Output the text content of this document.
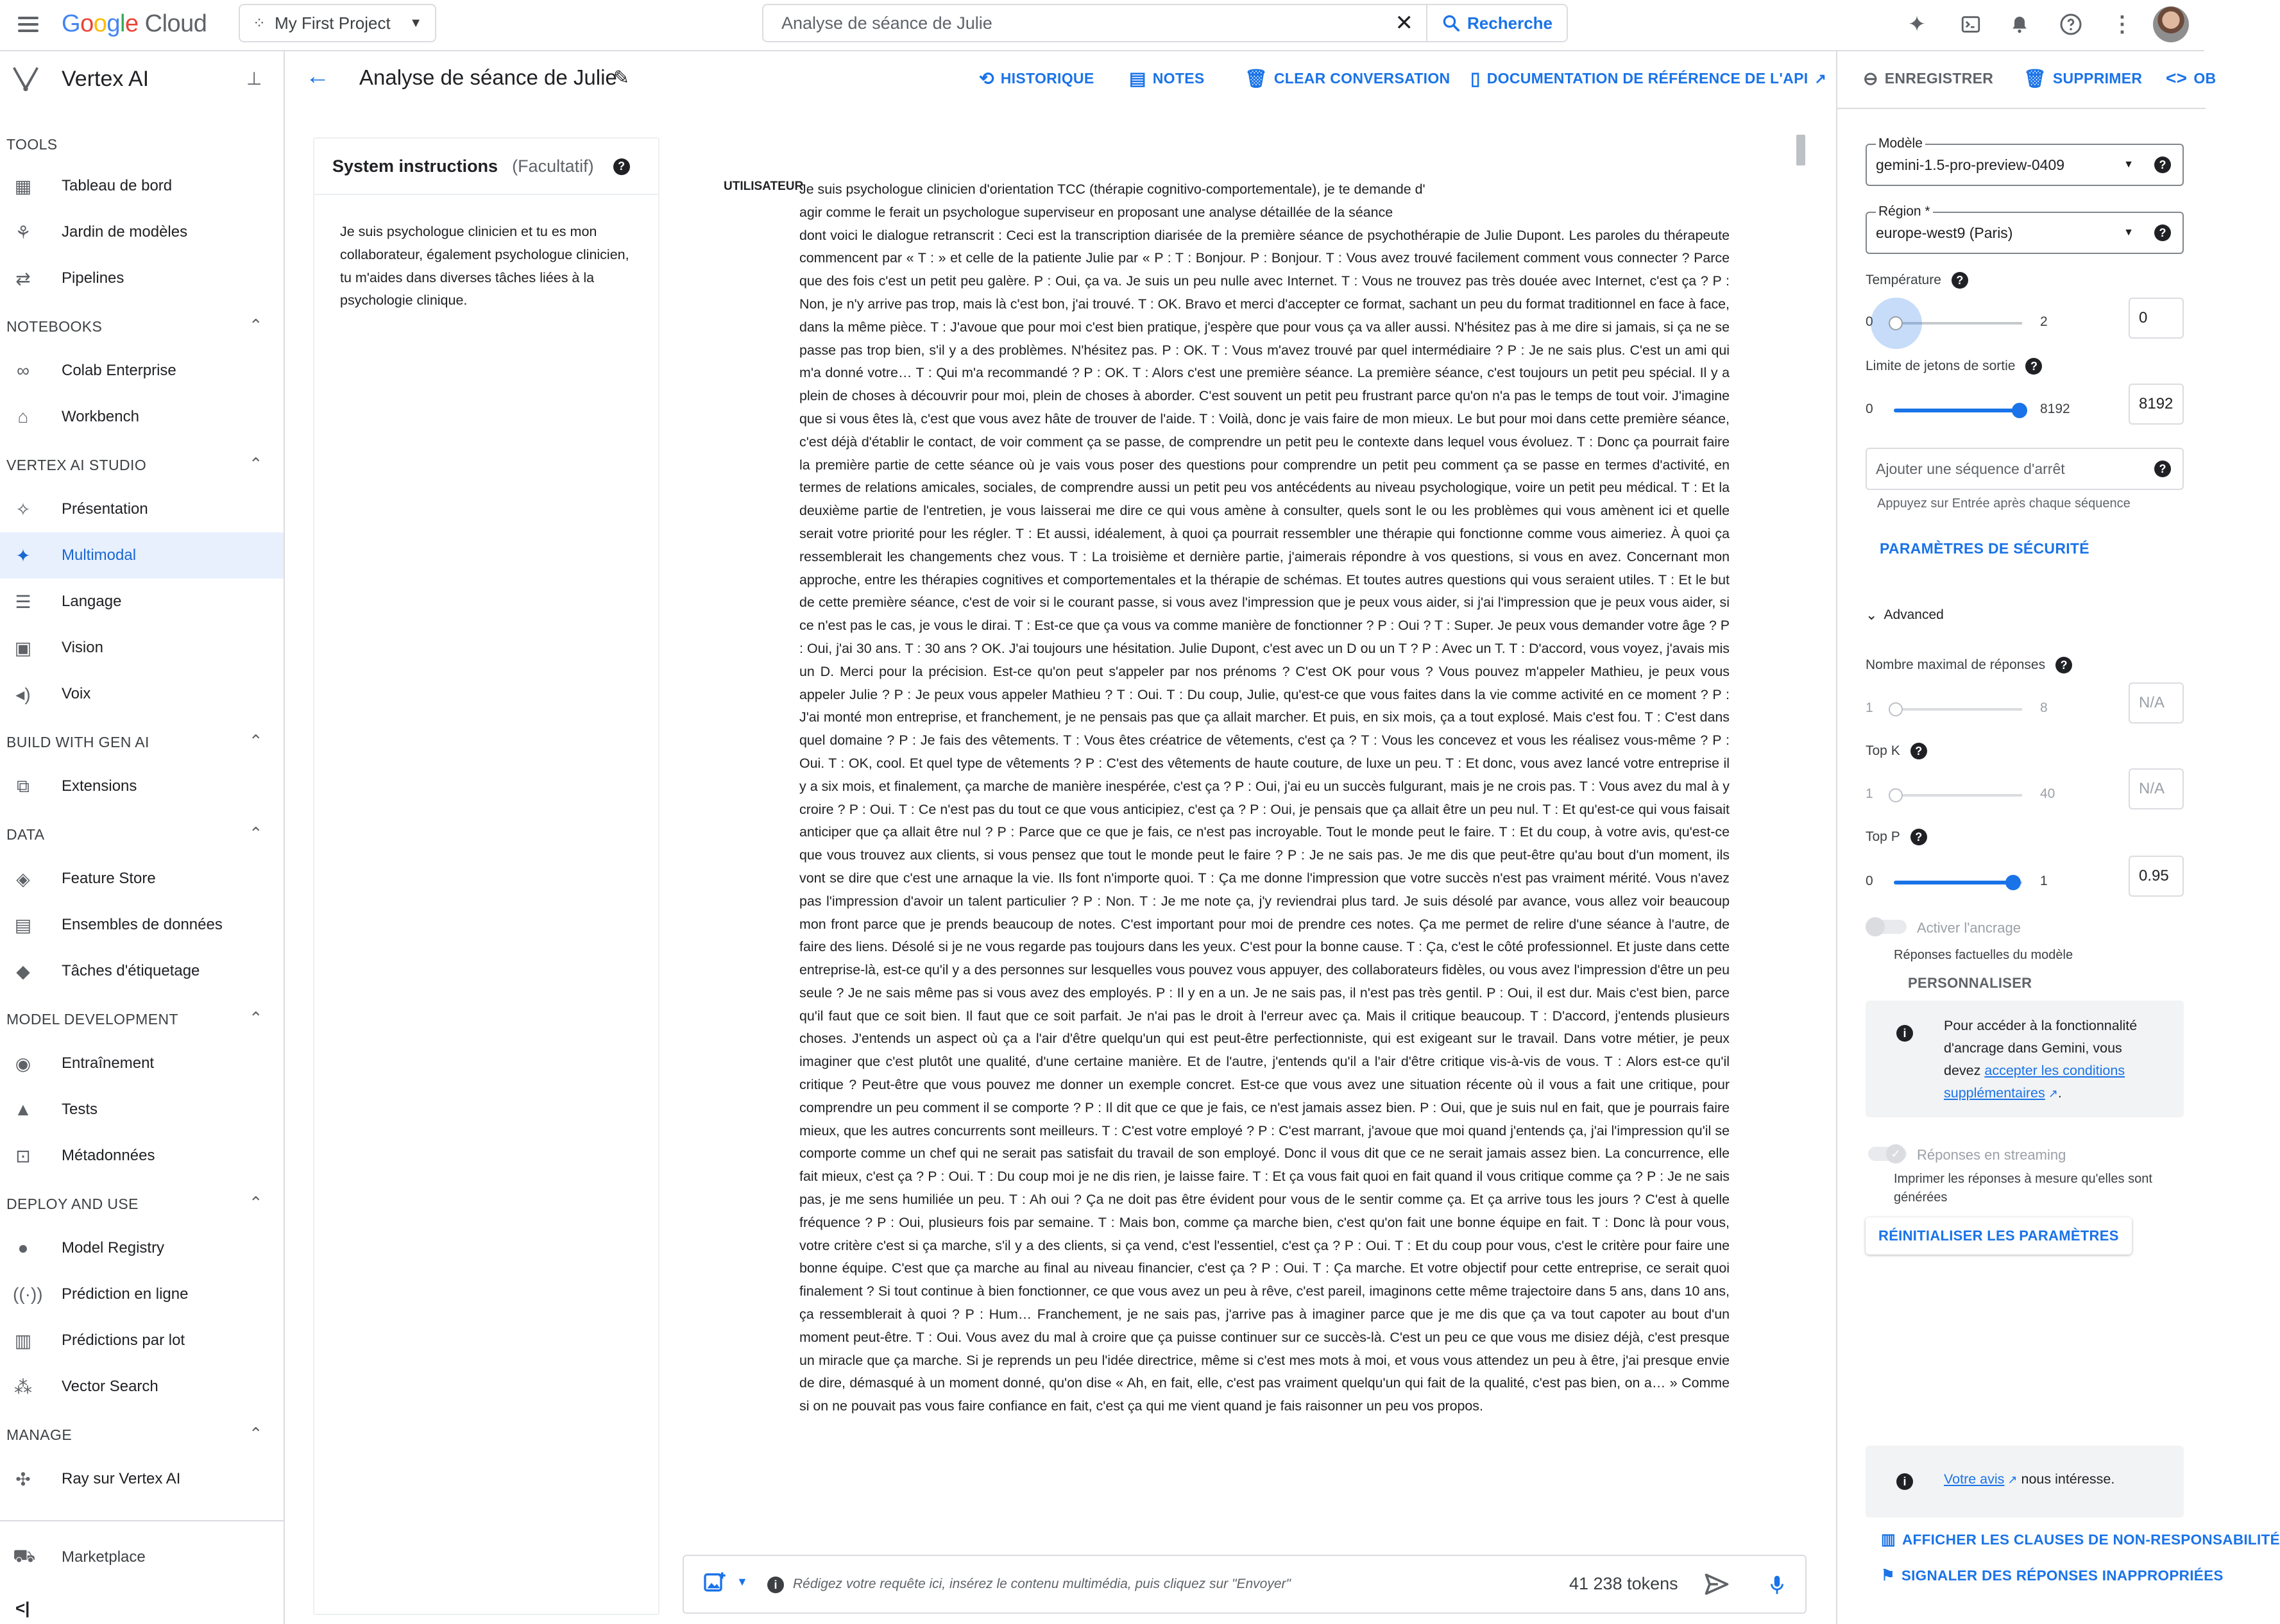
Google Cloud	⁘ My First Project ▼	Analyse de séance de Julie	✕	Recherche	✦	⋮
Vertex AI	⊥
TOOLS
▦ Tableau de bord
⚘ Jardin de modèles
⇄ Pipelines
NOTEBOOKS	⌃
∞ Colab Enterprise
⌂	Workbench
VERTEX AI STUDIO	⌃
✧ Présentation
✦ Multimodal
☰ Langage
▣ Vision
◂) Voix
BUILD WITH GEN AI	⌃
⧉ Extensions
DATA	⌃
◈ Feature Store
▤ Ensembles de données
◆ Tâches d'étiquetage
MODEL DEVELOPMENT	⌃
◉ Entraînement
▲ Tests
⊡ Métadonnées
DEPLOY AND USE	⌃
●	Model Registry
((·)) Prédiction en ligne
▥ Prédictions par lot
⁂ Vector Search
MANAGE	⌃
✣ Ray sur Vertex AI
⛟ Marketplace
<|
← Analyse de séance de Julie
✎	⟲ HISTORIQUE ▤ NOTES 🗑 CLEAR CONVERSATION ▯ DOCUMENTATION DE RÉFÉRENCE DE L'API ↗
System instructions (Facultatif)	?
Je suis psychologue clinicien et tu es mon collaborateur, également psychologue clinicien, tu m'aides dans diverses tâches liées à la psychologie clinique.
UTILISATEUR
Je suis psychologue clinicien d'orientation TCC (thérapie cognitivo-comportementale), je te demande d'
agir comme le ferait un psychologue superviseur en proposant une analyse détaillée de la séance
dont voici le dialogue retranscrit : Ceci est la transcription diarisée de la première séance de psychothérapie de Julie Dupont. Les paroles du thérapeute commencent par « T : » et celle de la patiente Julie par « P : T : Bonjour. P : Bonjour. T : Vous avez trouvé facilement comment vous connecter ? Parce que des fois c'est un petit peu galère. P : Oui, ça va. Je suis un peu nulle avec Internet. T : Vous ne trouvez pas très douée avec Internet, c'est ça ? P : Non, je n'y arrive pas trop, mais là c'est bon, j'ai trouvé. T : OK. Bravo et merci d'accepter ce format, sachant un peu du format traditionnel en face à face, dans la même pièce. T : J'avoue que pour moi c'est bien pratique, j'espère que pour vous ça va aller aussi. N'hésitez pas à me dire si jamais, si ça ne se passe pas trop bien, s'il y a des problèmes. N'hésitez pas. P : OK. T : Vous m'avez trouvé par quel intermédiaire ? P : Je ne sais plus. C'est un ami qui m'a donné votre… T : Qui m'a recommandé ? P : OK. T : Alors c'est une première séance. La première séance, c'est toujours un petit peu spécial. Il y a plein de choses à découvrir pour moi, plein de choses à aborder. C'est souvent un petit peu frustrant parce qu'on n'a pas le temps de tout voir. J'imagine que si vous êtes là, c'est que vous avez hâte de trouver de l'aide. T : Voilà, donc je vais faire de mon mieux. Le but pour moi dans cette première séance, c'est déjà d'établir le contact, de voir comment ça se passe, de comprendre un petit peu le contexte dans lequel vous évoluez. T : Donc ça pourrait faire la première partie de cette séance où je vais vous poser des questions pour comprendre un petit peu comment ça se passe en termes d'activité, en termes de relations amicales, sociales, de comprendre aussi un petit peu vos antécédents au niveau psychologique, voire un petit peu médical. T : Et la deuxième partie de l'entretien, je vous laisserai me dire ce qui vous amène à consulter, quels sont le ou les problèmes qui vous amènent ici et quelle serait votre priorité pour les régler. T : Et aussi, idéalement, à quoi ça pourrait ressembler une thérapie qui fonctionne comme vous aimeriez. À quoi ça ressemblerait les changements chez vous. T : La troisième et dernière partie, j'aimerais répondre à vos questions, si vous en avez. Concernant mon approche, entre les thérapies cognitives et comportementales et la thérapie de schémas. Et toutes autres questions qui vous seraient utiles. T : Et le but de cette première séance, c'est de voir si le courant passe, si vous avez l'impression que je peux vous aider, si j'ai l'impression que je peux vous aider, si ce n'est pas le cas, je vous le dirai. T : Est-ce que ça vous va comme manière de fonctionner ? P : Oui ? T : Super. Je peux vous demander votre âge ? P : Oui, j'ai 30 ans. T : 30 ans ? OK. J'ai toujours une hésitation. Julie Dupont, c'est avec un D ou un T ? P : Avec un T. T : D'accord, vous voyez, j'avais mis un D. Merci pour la précision. Est-ce qu'on peut s'appeler par nos prénoms ? C'est OK pour vous ? Vous pouvez m'appeler Mathieu, je peux vous appeler Julie ? P : Je peux vous appeler Mathieu ? T : Oui. T : Du coup, Julie, qu'est-ce que vous faites dans la vie comme activité en ce moment ? P : J'ai monté mon entreprise, et franchement, je ne pensais pas que ça allait marcher. Et puis, en six mois, ça a tout explosé. Mais c'est fou. T : C'est dans quel domaine ? P : Je fais des vêtements. T : Vous êtes créatrice de vêtements, c'est ça ? T : Vous les concevez et vous les réalisez vous-même ? P : Oui. T : OK, cool. Et quel type de vêtements ? P : C'est des vêtements de haute couture, de luxe un peu. T : Et donc, vous avez lancé votre entreprise il y a six mois, et finalement, ça marche de manière inespérée, c'est ça ? P : Oui, j'ai eu un succès fulgurant, mais je ne crois pas. T : Vous avez du mal à y croire ? P : Oui. T : Ce n'est pas du tout ce que vous anticipiez, c'est ça ? P : Oui, je pensais que ça allait être un peu nul. T : Et qu'est-ce qui vous faisait anticiper que ça allait être nul ? P : Parce que ce que je fais, ce n'est pas incroyable. Tout le monde peut le faire. T : Et du coup, à votre avis, qu'est-ce que vous trouvez aux clients, si vous pensez que tout le monde peut le faire ? P : Je ne sais pas. Je me dis que peut-être qu'au bout d'un moment, ils vont se dire que c'est une arnaque la vie. Ils font n'importe quoi. T : Ça me donne l'impression que votre succès n'est pas vraiment mérité. Vous n'avez pas l'impression d'avoir un talent particulier ? P : Non. T : Je me note ça, j'y reviendrai plus tard. Je suis désolé par avance, vous allez voir beaucoup mon front parce que je prends beaucoup de notes. C'est important pour moi de prendre ces notes. Ça me permet de relire d'une séance à l'autre, de faire des liens. Désolé si je ne vous regarde pas toujours dans les yeux. C'est pour la bonne cause. T : Ça, c'est le côté professionnel. Et juste dans cette entreprise-là, est-ce qu'il y a des personnes sur lesquelles vous pouvez vous appuyer, des collaborateurs fidèles, ou vous avez l'impression d'être un peu seule ? Je ne sais même pas si vous avez des employés. P : Il y en a un. Je ne sais pas, il n'est pas très gentil. P : Oui, il est dur. Mais c'est bien, parce qu'il faut que ce soit bien. Il faut que ce soit parfait. Je n'ai pas le droit à l'erreur avec ça. Mais il critique beaucoup. T : D'accord, j'entends plusieurs choses. J'entends un aspect où ça a l'air d'être quelqu'un qui est peut-être perfectionniste, qui est exigeant sur le travail. Dans votre métier, je peux imaginer que c'est plutôt une qualité, d'une certaine manière. Et de l'autre, j'entends qu'il a l'air d'être critique vis-à-vis de vous. T : Alors est-ce qu'il critique ? Peut-être que vous pouvez me donner un exemple concret. Est-ce que vous avez une situation récente où il vous a fait une critique, pour comprendre un peu comment il se comporte ? P : Il dit que ce que je fais, ce n'est jamais assez bien. P : Oui, que je suis nul en fait, que je pourrais faire mieux, que les autres concurrents sont meilleurs. T : C'est votre employé ? P : C'est marrant, j'avoue que moi quand j'entends ça, j'ai l'impression qu'il se comporte comme un chef qui ne serait pas satisfait du travail de son employé. Donc il vous dit que ce ne serait jamais assez bien. La concurrence, elle fait mieux, c'est ça ? P : Oui. T : Du coup moi je ne dis rien, je laisse faire. T : Et ça vous fait quoi en fait quand il vous critique comme ça ? P : Je ne sais pas, je me sens humiliée un peu. T : Ah oui ? Ça ne doit pas être évident pour vous de le sentir comme ça. Et ça arrive tous les jours ? C'est à quelle fréquence ? P : Oui, plusieurs fois par semaine. T : Mais bon, comme ça marche bien, c'est qu'on fait une bonne équipe en fait. T : Donc là pour vous, votre critère c'est si ça marche, s'il y a des clients, si ça vend, c'est l'essentiel, c'est ça ? P : Oui. T : Et du coup pour vous, c'est le critère pour faire une bonne équipe. C'est que ça marche au final au niveau financier, c'est ça ? P : Oui. T : Ça marche. Et votre objectif pour cette entreprise, ce serait quoi finalement ? Si tout continue à bien fonctionner, ce que vous avez un peu à rêve, c'est pareil, imaginons cette même trajectoire dans 5 ans, dans 10 ans, ça ressemblerait à quoi ? P : Hum… Franchement, je ne sais pas, j'arrive pas à imaginer parce que je me dis que ça va tout capoter au bout d'un moment peut-être. T : Oui. Vous avez du mal à croire que ça puisse continuer sur ce succès-là. C'est un peu ce que vous me disiez déjà, c'est presque un miracle que ça marche. Si je reprends un peu l'idée directrice, même si c'est mes mots à moi, et vous vous attendez un peu à être, j'ai presque envie de dire, démasqué à un moment donné, qu'on dise « Ah, en fait, elle, c'est pas vraiment quelqu'un qui fait de la qualité, c'est pas bien, on a… » Comme si on ne pouvait pas vous faire confiance en fait, c'est ça qui me vient quand je fais raisonner un peu vos propos.
▼	i	Rédigez votre requête ici, insérez le contenu multimédia, puis cliquez sur "Envoyer"	41 238 tokens
⊖ ENREGISTRER 🗑 SUPPRIMER <> OB
Modèle
gemini-1.5-pro-preview-0409	▼	?
Région *
europe-west9 (Paris)	▼	?
Température	?
0	2	0
Limite de jetons de sortie	?
0	8192	8192
Ajouter une séquence d'arrêt	?
Appuyez sur Entrée après chaque séquence
PARAMÈTRES DE SÉCURITÉ
⌄ Advanced
Nombre maximal de réponses	?
1	8	N/A
Top K	?
1	40	N/A
Top P	?
0	1	0.95
Activer l'ancrage
Réponses factuelles du modèle
PERSONNALISER
i	Pour accéder à la fonctionnalité d'ancrage dans Gemini, vous devez accepter les conditions supplémentaires ↗.
✓	Réponses en streaming
Imprimer les réponses à mesure qu'elles sont générées
RÉINITIALISER LES PARAMÈTRES
i	Votre avis ↗ nous intéresse.
▥ AFFICHER LES CLAUSES DE NON-RESPONSABILITÉ
⚑ SIGNALER DES RÉPONSES INAPPROPRIÉES
